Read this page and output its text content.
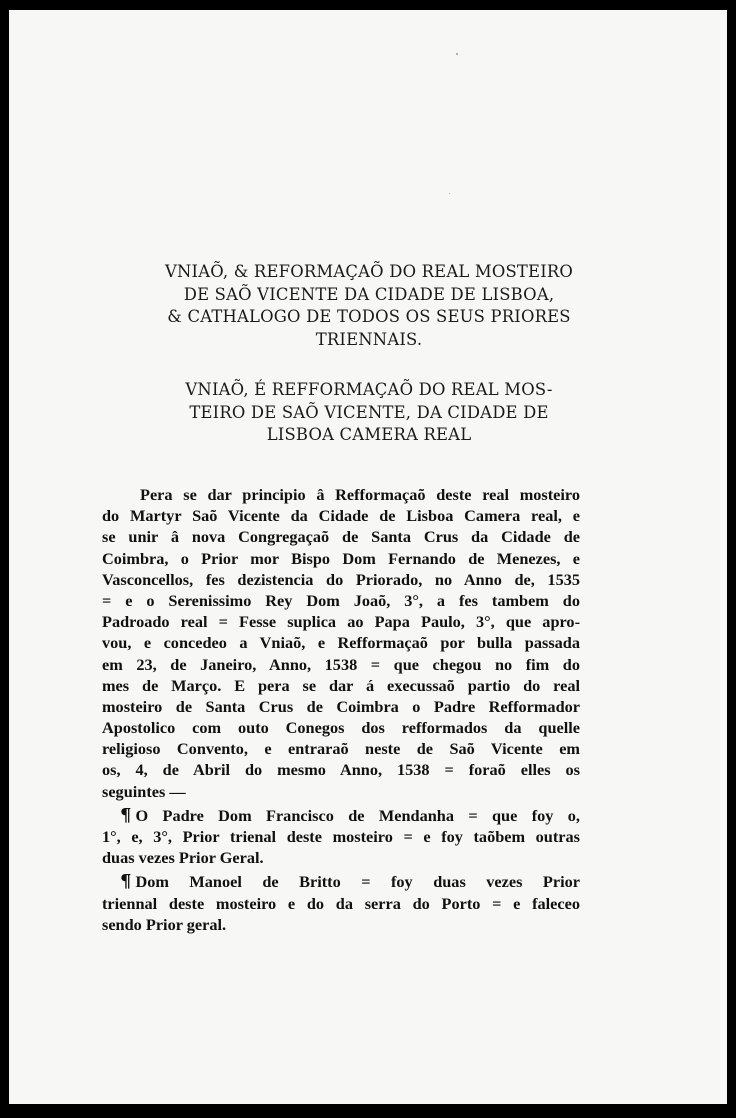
VNIAÕ, & REFORMAÇAÕ DO REAL MOSTEIRO
DE SAÕ VICENTE DA CIDADE DE LISBOA,
& CATHALOGO DE TODOS OS SEUS PRIORES
TRIENNAIS.
VNIAÕ, É REFFORMAÇAÕ DO REAL MOS-
TEIRO DE SAÕ VICENTE, DA CIDADE DE
LISBOA CAMERA REAL
Pera se dar principio â Refformaçaõ deste real mosteiro
do Martyr Saõ Vicente da Cidade de Lisboa Camera real, e
se unir â nova Congregaçaõ de Santa Crus da Cidade de
Coimbra, o Prior mor Bispo Dom Fernando de Menezes, e
Vasconcellos, fes dezistencia do Priorado, no Anno de, 1535
= e o Serenissimo Rey Dom Joaõ, 3°, a fes tambem do
Padroado real = Fesse suplica ao Papa Paulo, 3°, que apro-
vou, e concedeo a Vniaõ, e Refformaçaõ por bulla passada
em 23, de Janeiro, Anno, 1538 = que chegou no fim do
mes de Março. E pera se dar á execussaõ partio do real
mosteiro de Santa Crus de Coimbra o Padre Refformador
Apostolico com outo Conegos dos refformados da quelle
religioso Convento, e entraraõ neste de Saõ Vicente em
os, 4, de Abril do mesmo Anno, 1538 = foraõ elles os
seguintes —
¶ O Padre Dom Francisco de Mendanha = que foy o,
1°, e, 3°, Prior trienal deste mosteiro = e foy taõbem outras
duas vezes Prior Geral.
¶ Dom Manoel de Britto = foy duas vezes Prior
triennal deste mosteiro e do da serra do Porto = e faleceo
sendo Prior geral.
